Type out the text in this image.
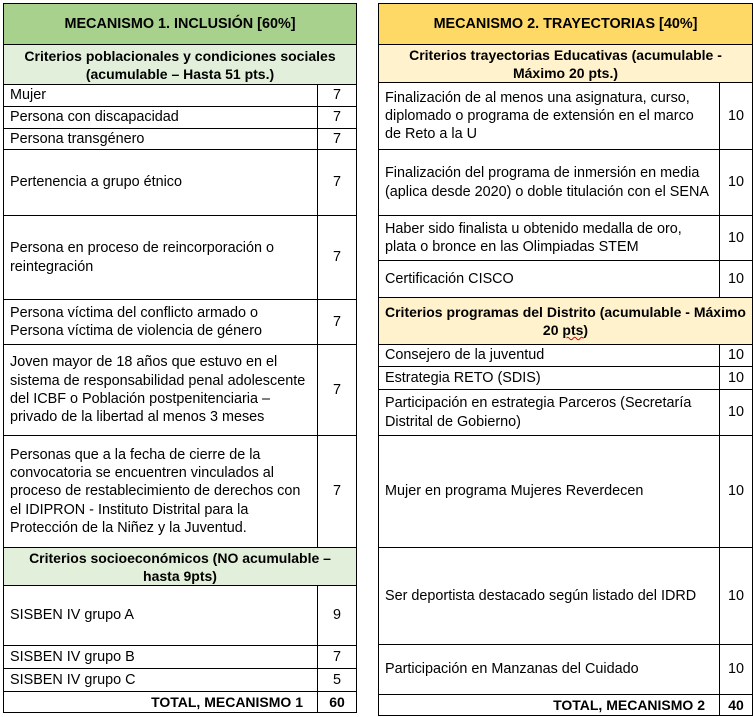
MECANISMO 1. INCLUSIÓN [60%]	
Criterios poblacionales y condiciones sociales (acumulable – Hasta 51 pts.)	
Mujer	7
Persona con discapacidad	7
Persona transgénero	7
Pertenencia a grupo étnico	7
Persona en proceso de reincorporación o reintegración	7
Persona víctima del conflicto armado o Persona víctima de violencia de género	7
Joven mayor de 18 años que estuvo en el sistema de responsabilidad penal adolescente del ICBF o Población postpenitenciaria – privado de la libertad al menos 3 meses	7
Personas que a la fecha de cierre de la convocatoria se encuentren vinculados al proceso de restablecimiento de derechos con el IDIPRON - Instituto Distrital para la Protección de la Niñez y la Juventud.	7
Criterios socioeconómicos (NO acumulable – hasta 9pts)	
SISBEN IV grupo A	9
SISBEN IV grupo B	7
SISBEN IV grupo C	5
TOTAL, MECANISMO 1	60
MECANISMO 2. TRAYECTORIAS [40%]	
Criterios trayectorias Educativas (acumulable - Máximo 20 pts.)	
Finalización de al menos una asignatura, curso, diplomado o programa de extensión en el marco de Reto a la U	10
Finalización del programa de inmersión en media (aplica desde 2020) o doble titulación con el SENA	10
Haber sido finalista u obtenido medalla de oro, plata o bronce en las Olimpiadas STEM	10
Certificación CISCO	10
Criterios programas del Distrito (acumulable - Máximo 20 pts)	
Consejero de la juventud	10
Estrategia RETO (SDIS)	10
Participación en estrategia Parceros (Secretaría Distrital de Gobierno)	10
Mujer en programa Mujeres Reverdecen	10
Ser deportista destacado según listado del IDRD	10
Participación en Manzanas del Cuidado	10
TOTAL, MECANISMO 2	40
